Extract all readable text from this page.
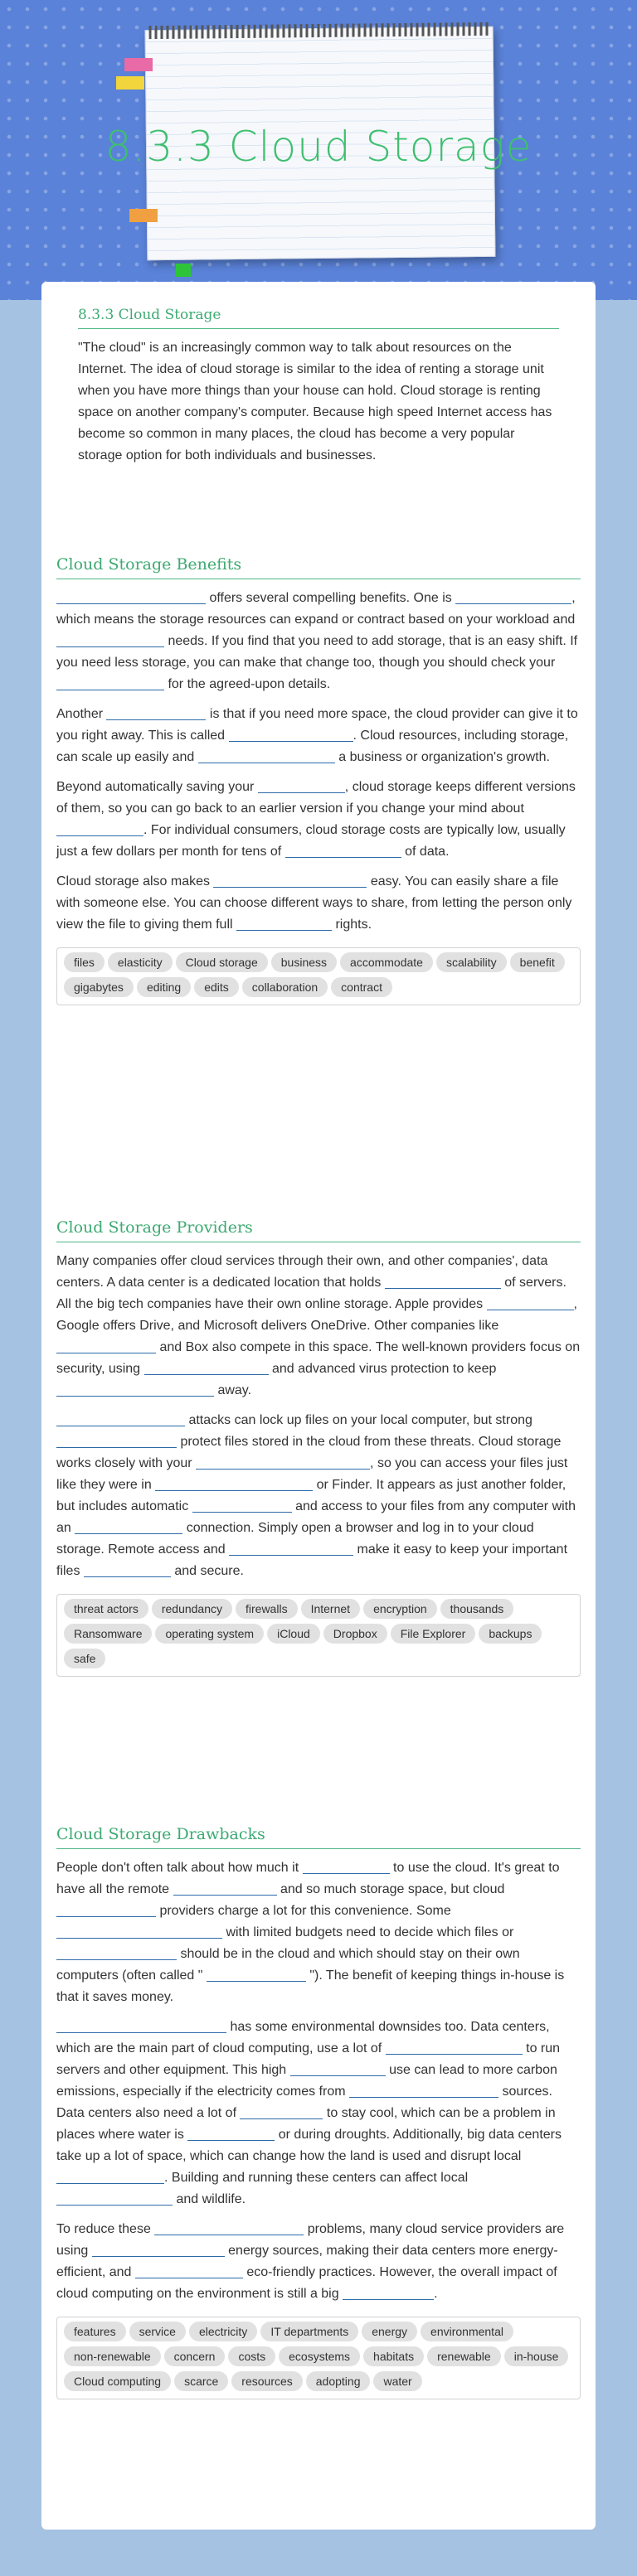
8.3.3 Cloud Storage
8.3.3 Cloud Storage
"The cloud" is an increasingly common way to talk about resources on the Internet. The idea of cloud storage is similar to the idea of renting a storage unit when you have more things than your house can hold. Cloud storage is renting space on another company's computer. Because high speed Internet access has become so common in many places, the cloud has become a very popular storage option for both individuals and businesses.
Cloud Storage Benefits
offers several compelling benefits. One is	, which means the storage resources can expand or contract based on your workload and  needs. If you find that you need to add storage, that is an easy shift. If you need less storage, you can make that change too, though you should check your  for the agreed-upon details.
Another	is that if you need more space, the cloud provider can give it to you right away. This is called	. Cloud resources, including storage, can scale up easily and	a business or organization's growth.
Beyond automatically saving your	, cloud storage keeps different versions of them, so you can go back to an earlier version if you change your mind about . For individual consumers, cloud storage costs are typically low, usually just a few dollars per month for tens of	of data.
Cloud storage also makes	easy. You can easily share a file with someone else. You can choose different ways to share, from letting the person only view the file to giving them full	rights.
files elasticity Cloud storage business accommodate scalability benefitgigabytes editing edits collaboration contract
Cloud Storage Providers
Many companies offer cloud services through their own, and other companies', data centers. A data center is a dedicated location that holds	of servers. All the big tech companies have their own online storage. Apple provides	, Google offers Drive, and Microsoft delivers OneDrive. Other companies like  and Box also compete in this space. The well-known providers focus on security, using	and advanced virus protection to keep  away.
attacks can lock up files on your local computer, but strong  protect files stored in the cloud from these threats. Cloud storage works closely with your	, so you can access your files just like they were in	or Finder. It appears as just another folder, but includes automatic	and access to your files from any computer with an	connection. Simply open a browser and log in to your cloud storage. Remote access and	make it easy to keep your important files	and secure.
threat actors redundancy firewalls Internet encryption thousandsRansomware operating system iCloud Dropbox File Explorer backupssafe
Cloud Storage Drawbacks
People don't often talk about how much it	to use the cloud. It's great to have all the remote	and so much storage space, but cloud  providers charge a lot for this convenience. Some  with limited budgets need to decide which files or  should be in the cloud and which should stay on their own computers (often called "	"). The benefit of keeping things in-house is that it saves money.
has some environmental downsides too. Data centers, which are the main part of cloud computing, use a lot of	to run servers and other equipment. This high	use can lead to more carbon emissions, especially if the electricity comes from	sources. Data centers also need a lot of	to stay cool, which can be a problem in places where water is	or during droughts. Additionally, big data centers take up a lot of space, which can change how the land is used and disrupt local . Building and running these centers can affect local  and wildlife.
To reduce these	problems, many cloud service providers are using	energy sources, making their data centers more energy-efficient, and	eco-friendly practices. However, the overall impact of cloud computing on the environment is still a big	.
features service electricity IT departments energy environmentalnon-renewable concern costs ecosystems habitats renewable in-houseCloud computing scarce resources adopting water
